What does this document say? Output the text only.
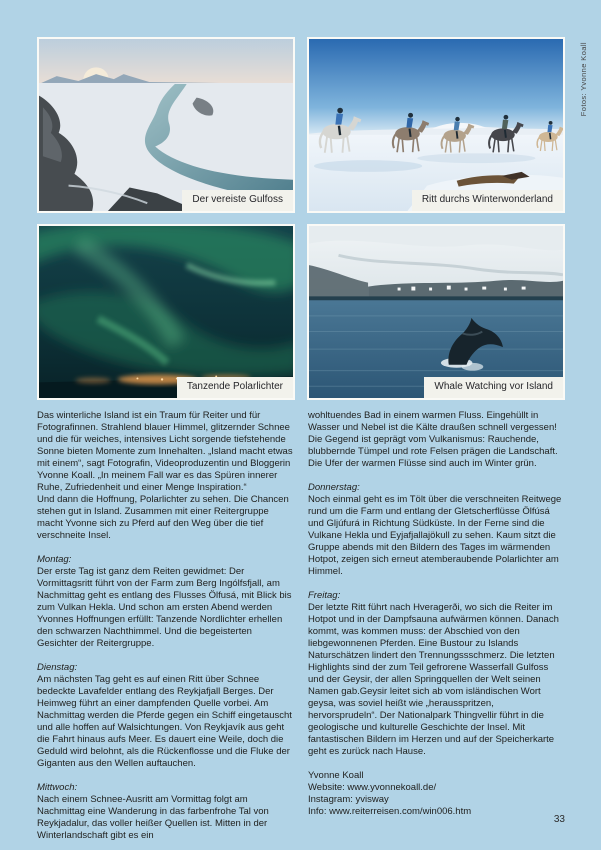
Der vereiste Gulfoss	Ritt durchs Winterwonderland
Tanzende Polarlichter	Whale Watching vor Island
Fotos: Yvonne Koall

Das winterliche Island ist ein Traum für Reiter und für Fotografinnen. Strahlend blauer Himmel, glitzernder Schnee und die für weiches, intensives Licht sorgende tiefstehende Sonne bieten Momente zum Innehalten. „Island macht etwas mit einem“, sagt Fotografin, Videoproduzentin und Bloggerin Yvonne Koall. „In meinem Fall war es das Spüren innerer Ruhe, Zufriedenheit und einer Menge Inspiration.“

Und dann die Hoffnung, Polarlichter zu sehen. Die Chancen stehen gut in Island. Zusammen mit einer Reitergruppe macht Yvonne sich zu Pferd auf den Weg über die tief verschneite Insel.

Montag:

Der erste Tag ist ganz dem Reiten gewidmet: Der Vormittagsritt führt von der Farm zum Berg Ingólfsfjall, am Nachmittag geht es entlang des Flusses Ölfusá, mit Blick bis zum Vulkan Hekla. Und schon am ersten Abend werden Yvonnes Hoffnungen erfüllt: Tanzende Nordlichter erhellen den schwarzen Nachthimmel. Und die begeisterten Gesichter der Reitergruppe.

Dienstag:

Am nächsten Tag geht es auf einen Ritt über Schnee bedeckte Lavafelder entlang des Reykjafjall Berges. Der Heimweg führt an einer dampfenden Quelle vorbei. Am Nachmittag werden die Pferde gegen ein Schiff eingetauscht und alle hoffen auf Walsichtungen. Von Reykjavík aus geht die Fahrt hinaus aufs Meer. Es dauert eine Weile, doch die Geduld wird belohnt, als die Rückenflosse und die Fluke der Giganten aus den Wellen auftauchen.

Mittwoch:

Nach einem Schnee-Ausritt am Vormittag folgt am Nachmittag eine Wanderung in das farbenfrohe Tal von Reykjadalur, das voller heißer Quellen ist. Mitten in der Winterlandschaft gibt es ein

wohltuendes Bad in einem warmen Fluss. Eingehüllt in Wasser und Nebel ist die Kälte draußen schnell vergessen! Die Gegend ist geprägt vom Vulkanismus: Rauchende, blubbernde Tümpel und rote Felsen prägen die Landschaft. Die Ufer der warmen Flüsse sind auch im Winter grün.

Donnerstag:

Noch einmal geht es im Tölt über die verschneiten Reitwege rund um die Farm und entlang der Gletscherflüsse Ölfúsá und Gljúfurá in Richtung Südküste. In der Ferne sind die Vulkane Hekla und Eyjafjallajökull zu sehen. Kaum sitzt die Gruppe abends mit den Bildern des Tages im wärmenden Hotpot, zeigen sich erneut atemberaubende Polarlichter am Himmel.

Freitag:

Der letzte Ritt führt nach Hveragerði, wo sich die Reiter im Hotpot und in der Dampfsauna aufwärmen können. Danach kommt, was kommen muss: der Abschied von den liebgewonnenen Pferden. Eine Bustour zu Islands Naturschätzen lindert den Trennungssschmerz. Die letzten Highlights sind der zum Teil gefrorene Wasserfall Gulfoss und der Geysir, der allen Springquellen der Welt seinen Namen gab.Geysir leitet sich ab vom isländischen Wort geysa, was soviel heißt wie „herausspritzen, hervorsprudeln“. Der Nationalpark Thingvellir führt in die geologische und kulturelle Geschichte der Insel. Mit fantastischen Bildern im Herzen und auf der Speicherkarte geht es zurück nach Hause.

Yvonne Koall
Website: www.yvonnekoall.de/
Instagram: yvisway
Info: www.reiterreisen.com/win006.htm
33
